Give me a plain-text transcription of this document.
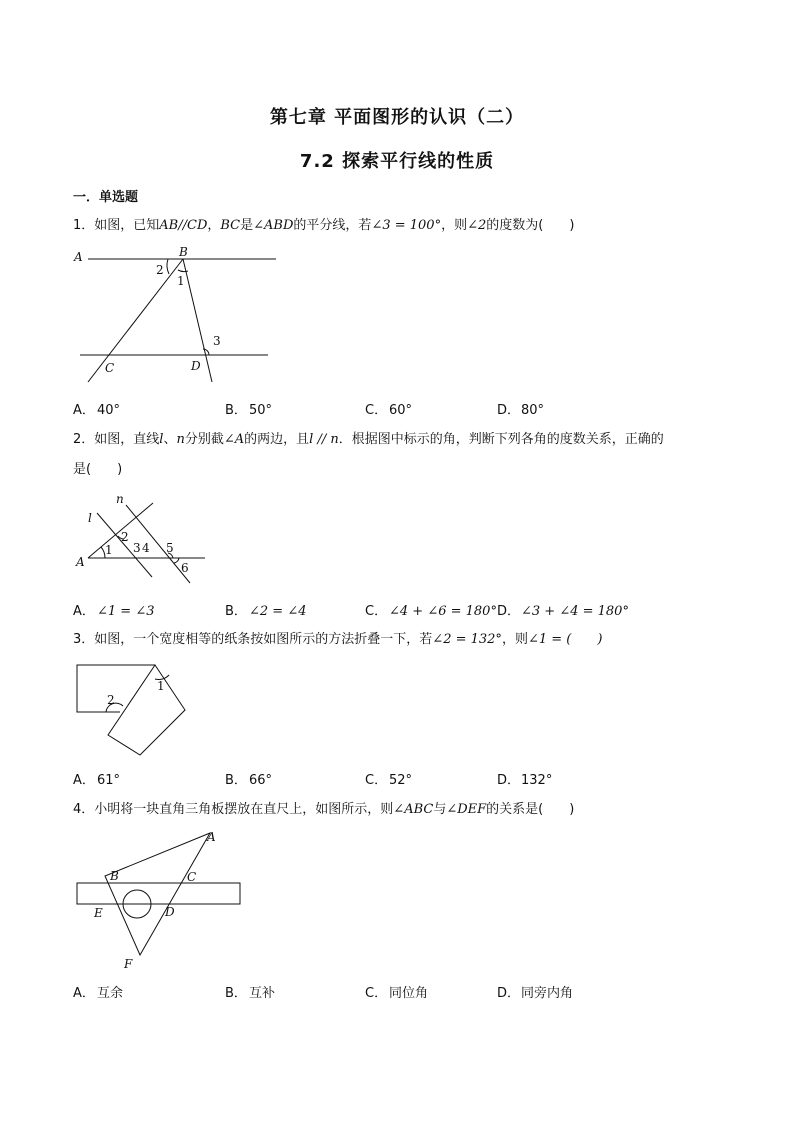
第七章 平面图形的认识（二）
7.2 探索平行线的性质
一．单选题
1．如图，已知AB//CD，BC是∠ABD的平分线，若∠3 = 100°，则∠2的度数为(　　)
A	B
C	D
1
2
3
A． 40°	B． 50°	C． 60°	D．80°
2．如图，直线l、n分别截∠A的两边，且l // n．根据图中标示的角，判断下列各角的度数关系，正确的
是(　　)
l
n
A
1
2
3 4 5
6
A． ∠1 = ∠3	B． ∠2 = ∠4	C． ∠4 + ∠6 = 180° D．∠3 + ∠4 = 180°
3．如图，一个宽度相等的纸条按如图所示的方法折叠一下，若∠2 = 132°，则∠1 = (　　)
1
2
A． 61°	B． 66°	C． 52°	D．132°
4．小明将一块直角三角板摆放在直尺上，如图所示，则∠ABC与∠DEF的关系是(　　)
A
B	C
D
E
F
A． 互余	B． 互补	C． 同位角	D．同旁内角
